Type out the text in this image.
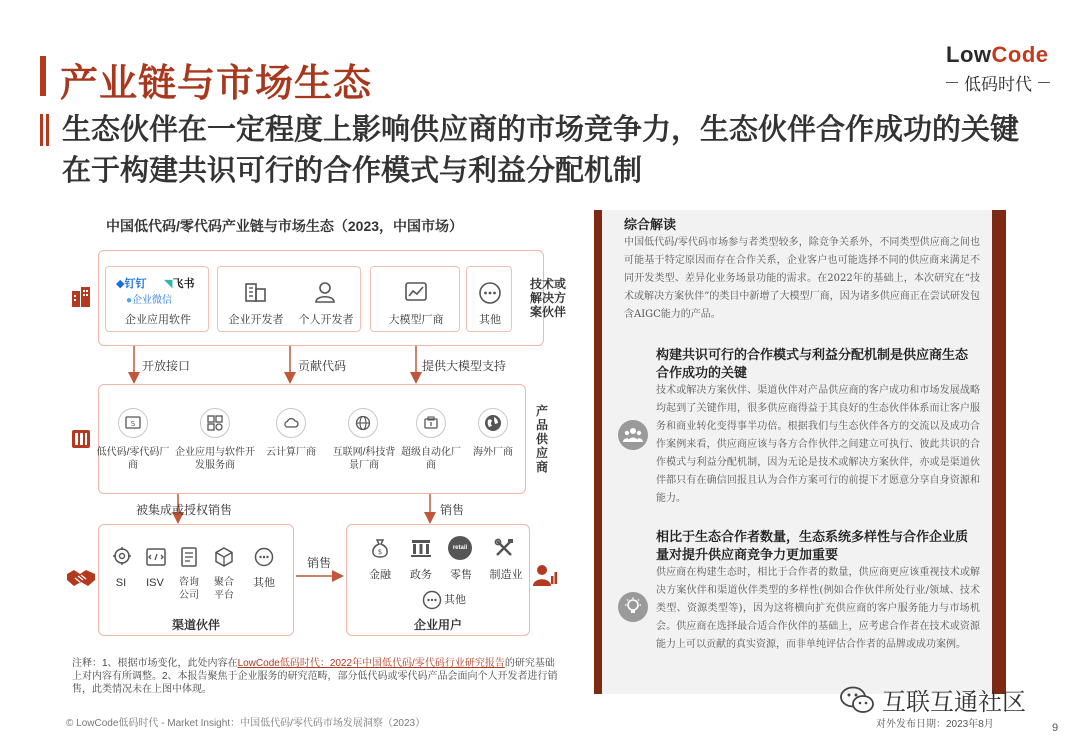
产业链与市场生态
LowCode
低码时代
生态伙伴在一定程度上影响供应商的市场竞争力，生态伙伴合作成功的关键在于构建共识可行的合作模式与利益分配机制
中国低代码/零代码产业链与市场生态（2023，中国市场）
技术或解决方案伙伴
◆钉钉 ◥飞书
●企业微信
企业应用软件	企业开发者	个人开发者	大模型厂商	其他
开放接口	贡献代码	提供大模型支持
产品供应商
S
低代码/零代码厂商
企业应用与软件开发服务商
云计算厂商	互联网/科技背景厂商
超级自动化厂商
海外厂商
被集成或授权销售	销售
SI	ISV	咨询公司
聚合平台
其他
渠道伙伴
销售
$	retail
金融	政务	零售	制造业
其他
企业用户
注释：1、根据市场变化，此处内容在LowCode低码时代：2022年中国低代码/零代码行业研究报告的研究基础上对内容有所调整。2、本报告聚焦于企业服务的研究范畴，部分低代码或零代码产品会面向个人开发者进行销售，此类情况未在上图中体现。
© LowCode低码时代 - Market Insight：中国低代码/零代码市场发展洞察（2023）
综合解读
中国低代码/零代码市场参与者类型较多，除竞争关系外，不同类型供应商之间也可能基于特定原因而存在合作关系，企业客户也可能选择不同的供应商来满足不同开发类型、差异化业务场景功能的需求。在2022年的基础上，本次研究在“技术或解决方案伙伴”的类目中新增了大模型厂商，因为诸多供应商正在尝试研发包含AIGC能力的产品。
构建共识可行的合作模式与利益分配机制是供应商生态合作成功的关键
技术或解决方案伙伴、渠道伙伴对产品供应商的客户成功和市场发展战略均起到了关键作用，很多供应商得益于其良好的生态伙伴体系而让客户服务和商业转化变得事半功倍。根据我们与生态伙伴各方的交流以及成功合作案例来看，供应商应该与各方合作伙伴之间建立可执行、彼此共识的合作模式与利益分配机制，因为无论是技术或解决方案伙伴，亦或是渠道伙伴都只有在确信回报且认为合作方案可行的前提下才愿意分享自身资源和能力。
相比于生态合作者数量，生态系统多样性与合作企业质量对提升供应商竞争力更加重要
供应商在构建生态时，相比于合作者的数量，供应商更应该重视技术或解决方案伙伴和渠道伙伴类型的多样性(例如合作伙伴所处行业/领域、技术类型、资源类型等)，因为这将横向扩充供应商的客户服务能力与市场机会。供应商在选择最合适合作伙伴的基础上，应考虑合作者在技术或资源能力上可以贡献的真实资源，而非单纯评估合作者的品牌或成功案例。
互联互通社区
对外发布日期：2023年8月	9
